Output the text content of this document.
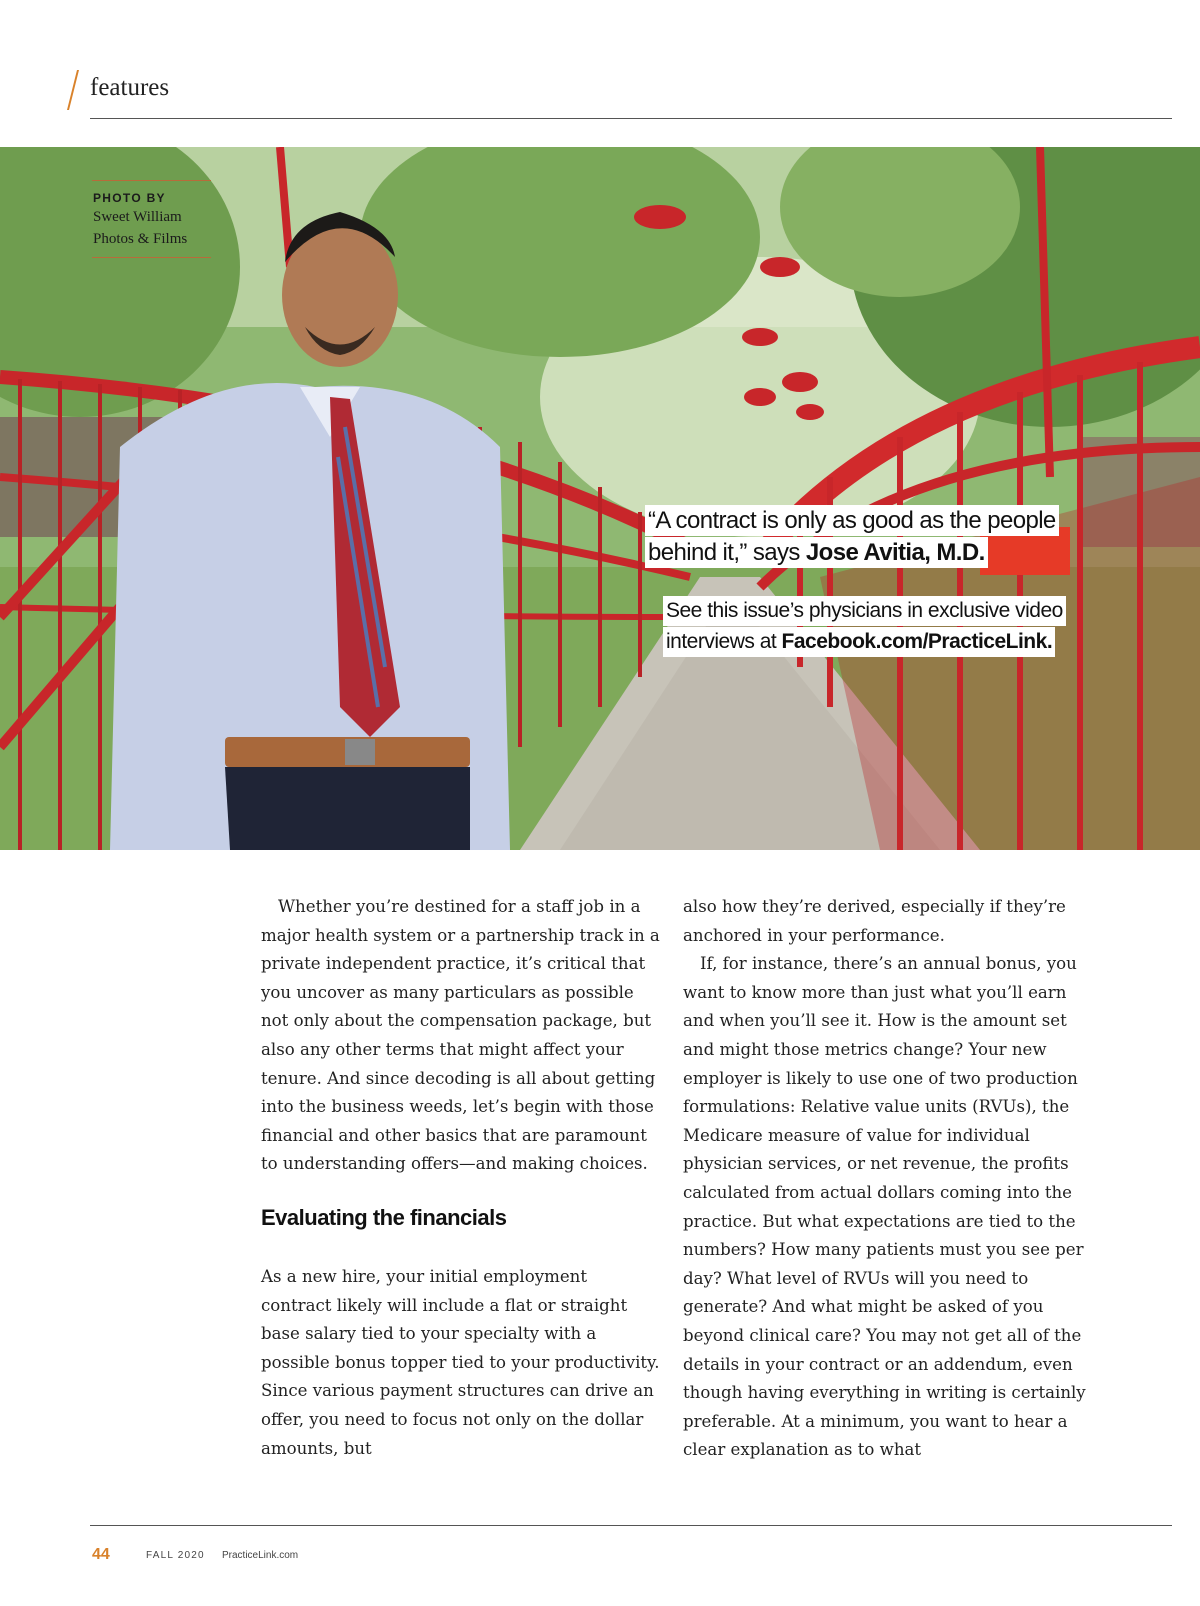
features
PHOTO BY
Sweet William
Photos & Films
“A contract is only as good as the people
behind it,” says Jose Avitia, M.D.
See this issue’s physicians in exclusive video
interviews at Facebook.com/PracticeLink.

Whether you’re destined for a staff job in a major health system or a partnership track in a private independent practice, it’s critical that you uncover as many particulars as possible not only about the compensation package, but also any other terms that might affect your tenure. And since decoding is all about getting into the business weeds, let’s begin with those financial and other basics that are paramount to understanding offers—and making choices.

Evaluating the financials

As a new hire, your initial employment contract likely will include a flat or straight base salary tied to your specialty with a possible bonus topper tied to your productivity. Since various payment structures can drive an offer, you need to focus not only on the dollar amounts, but

also how they’re derived, especially if they’re anchored in your performance.

If, for instance, there’s an annual bonus, you want to know more than just what you’ll earn and when you’ll see it. How is the amount set and might those metrics change? Your new employer is likely to use one of two production formulations: Relative value units (RVUs), the Medicare measure of value for individual physician services, or net revenue, the profits calculated from actual dollars coming into the practice. But what expectations are tied to the numbers? How many patients must you see per day? What level of RVUs will you need to generate? And what might be asked of you beyond clinical care? You may not get all of the details in your contract or an addendum, even though having everything in writing is certainly preferable. At a minimum, you want to hear a clear explanation as to what

44	FALL 2020 PracticeLink.com
